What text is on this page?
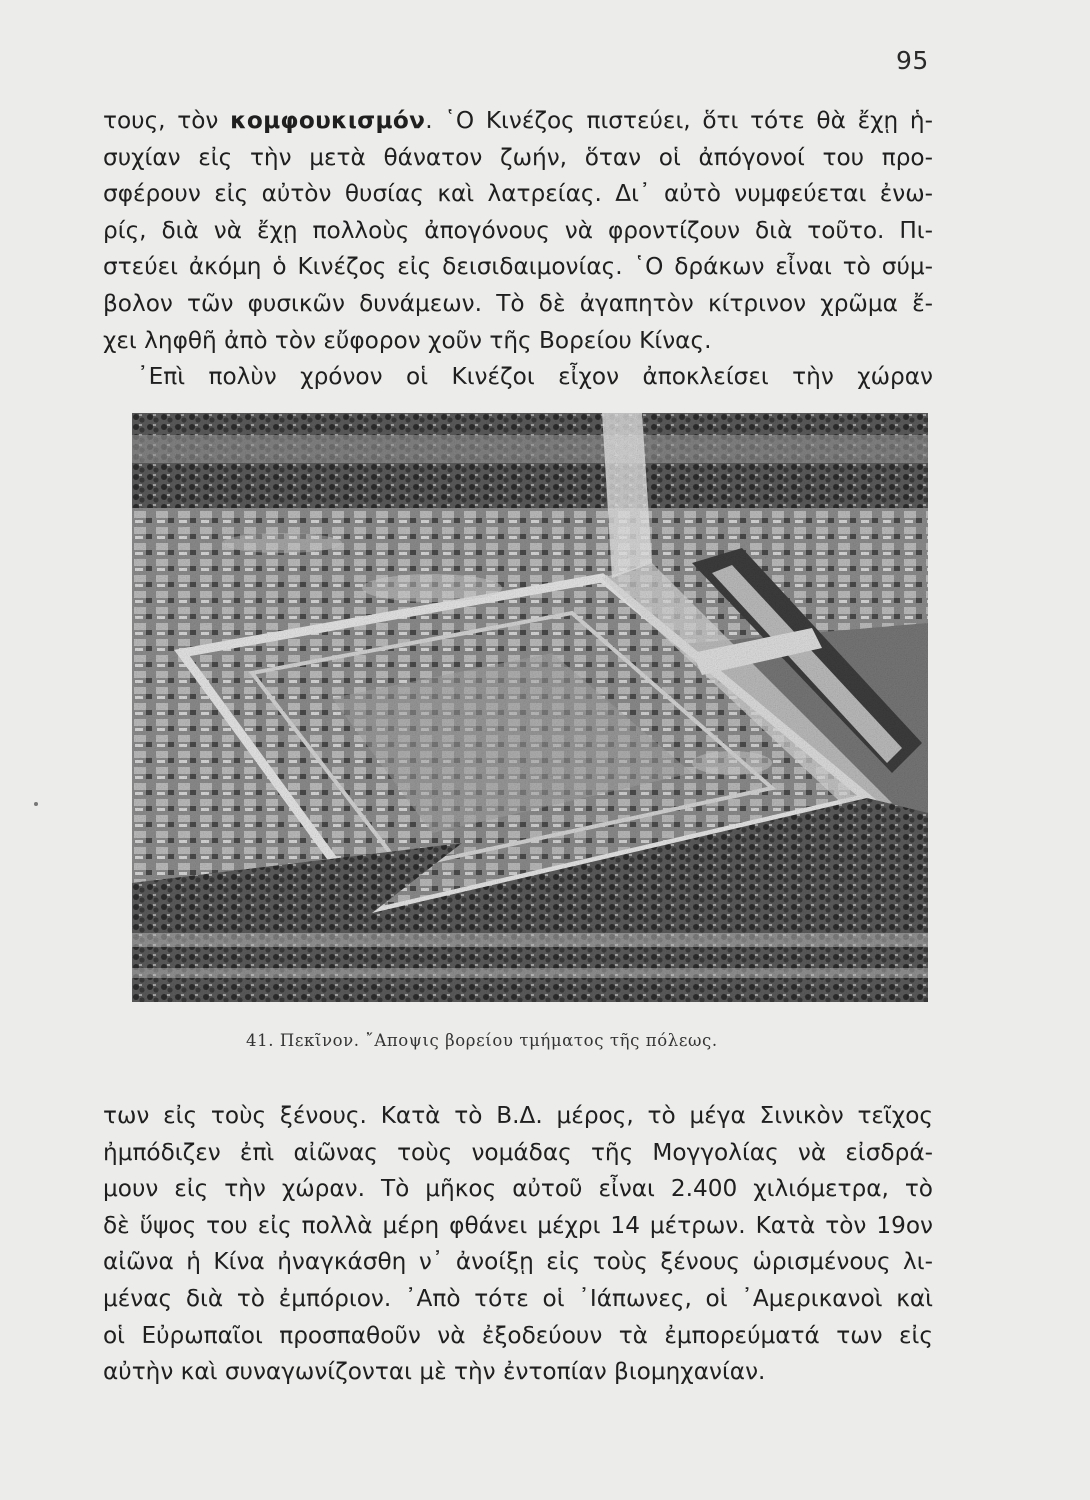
95
τους, τὸν κομφουκισμόν. ῾Ο Κινέζος πιστεύει, ὅτι τότε θὰ ἔχῃ ἡ-
συχίαν εἰς τὴν μετὰ θάνατον ζωήν, ὅταν οἱ ἀπόγονοί του προ-
σφέρουν εἰς αὐτὸν θυσίας καὶ λατρείας. Δι᾽ αὐτὸ νυμφεύεται ἐνω-
ρίς, διὰ νὰ ἔχῃ πολλοὺς ἀπογόνους νὰ φροντίζουν διὰ τοῦτο. Πι-
στεύει ἀκόμη ὁ Κινέζος εἰς δεισιδαιμονίας. ῾Ο δράκων εἶναι τὸ σύμ-
βολον τῶν φυσικῶν δυνάμεων. Τὸ δὲ ἀγαπητὸν κίτρινον χρῶμα ἔ-
χει ληφθῆ ἀπὸ τὸν εὔφορον χοῦν τῆς Βορείου Κίνας.
᾽Επὶ πολὺν χρόνον οἱ Κινέζοι εἶχον ἀποκλείσει τὴν χώραν
41. Πεκῖνον. ῎Αποψις βορείου τμήματος τῆς πόλεως.
των εἰς τοὺς ξένους. Κατὰ τὸ Β.Δ. μέρος, τὸ μέγα Σινικὸν τεῖχος
ἠμπόδιζεν ἐπὶ αἰῶνας τοὺς νομάδας τῆς Μογγολίας νὰ εἰσδρά-
μουν εἰς τὴν χώραν. Τὸ μῆκος αὐτοῦ εἶναι 2.400 χιλιόμετρα, τὸ
δὲ ὕψος του εἰς πολλὰ μέρη φθάνει μέχρι 14 μέτρων. Κατὰ τὸν 19ον
αἰῶνα ἡ Κίνα ἠναγκάσθη ν᾽ ἀνοίξῃ εἰς τοὺς ξένους ὡρισμένους λι-
μένας διὰ τὸ ἐμπόριον. ᾽Απὸ τότε οἱ ᾽Ιάπωνες, οἱ ᾽Αμερικανοὶ καὶ
οἱ Εὐρωπαῖοι προσπαθοῦν νὰ ἐξοδεύουν τὰ ἐμπορεύματά των εἰς
αὐτὴν καὶ συναγωνίζονται μὲ τὴν ἐντοπίαν βιομηχανίαν.
